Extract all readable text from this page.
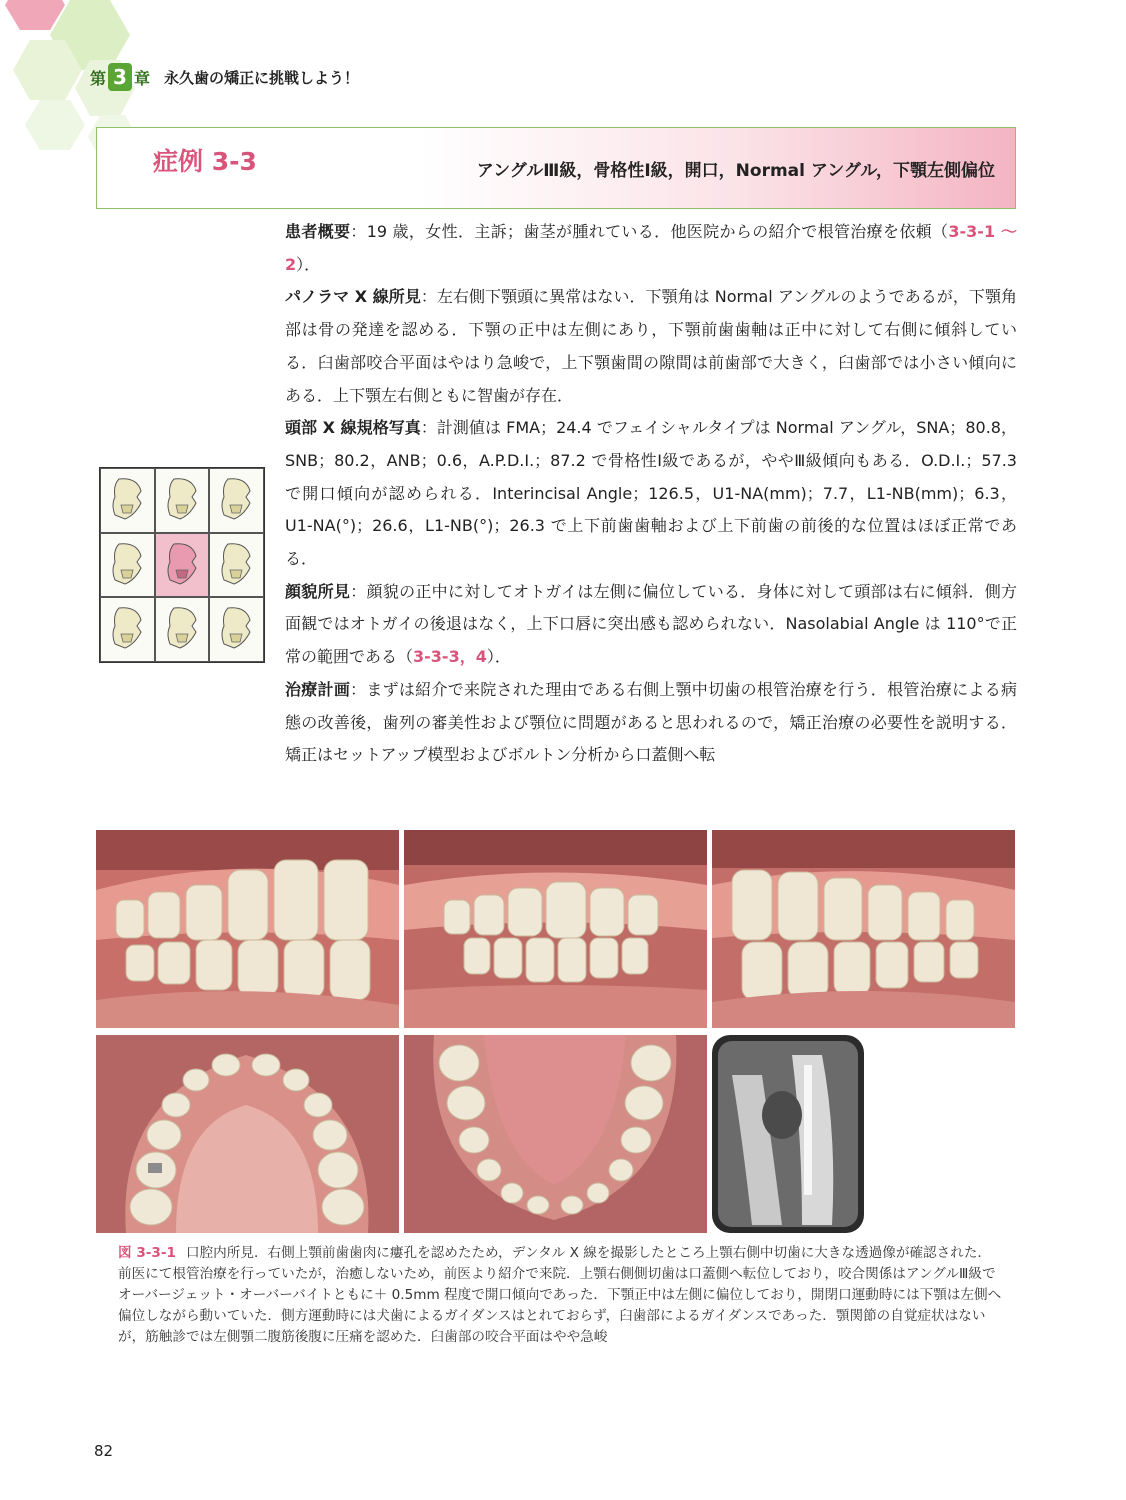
第 3 章 永久歯の矯正に挑戦しよう！
症例 3-3	アングルⅢ級，骨格性Ⅰ級，開口，Normal アングル，下顎左側偏位

患者概要：19 歳，女性．主訴；歯茎が腫れている．他医院からの紹介で根管治療を依頼（3-3-1 ～ 2）．

パノラマ X 線所見：左右側下顎頭に異常はない．下顎角は Normal アングルのようであるが，下顎角部は骨の発達を認める．下顎の正中は左側にあり，下顎前歯歯軸は正中に対して右側に傾斜している．臼歯部咬合平面はやはり急峻で，上下顎歯間の隙間は前歯部で大きく，臼歯部では小さい傾向にある．上下顎左右側ともに智歯が存在．

頭部 X 線規格写真：計測値は FMA；24.4 でフェイシャルタイプは Normal アングル，SNA；80.8，SNB；80.2，ANB；0.6，A.P.D.I.；87.2 で骨格性Ⅰ級であるが，ややⅢ級傾向もある．O.D.I.；57.3 で開口傾向が認められる．Interincisal Angle；126.5，U1-NA(mm)；7.7，L1-NB(mm)；6.3，U1-NA(°)；26.6，L1-NB(°)；26.3 で上下前歯歯軸および上下前歯の前後的な位置はほぼ正常である．

顔貌所見：顔貌の正中に対してオトガイは左側に偏位している．身体に対して頭部は右に傾斜．側方面観ではオトガイの後退はなく，上下口唇に突出感も認められない．Nasolabial Angle は 110°で正常の範囲である（3-3-3，4）．

治療計画：まずは紹介で来院された理由である右側上顎中切歯の根管治療を行う．根管治療による病態の改善後，歯列の審美性および顎位に問題があると思われるので，矯正治療の必要性を説明する．矯正はセットアップ模型およびボルトン分析から口蓋側へ転

図 3-3-1 口腔内所見．右側上顎前歯歯肉に瘻孔を認めたため，デンタル X 線を撮影したところ上顎右側中切歯に大きな透過像が確認された．前医にて根管治療を行っていたが，治癒しないため，前医より紹介で来院．上顎右側側切歯は口蓋側へ転位しており，咬合関係はアングルⅢ級でオーバージェット・オーバーバイトともに＋ 0.5mm 程度で開口傾向であった．下顎正中は左側に偏位しており，開閉口運動時には下顎は左側へ偏位しながら動いていた．側方運動時には犬歯によるガイダンスはとれておらず，臼歯部によるガイダンスであった．顎関節の自覚症状はないが，筋触診では左側顎二腹筋後腹に圧痛を認めた．臼歯部の咬合平面はやや急峻
82
